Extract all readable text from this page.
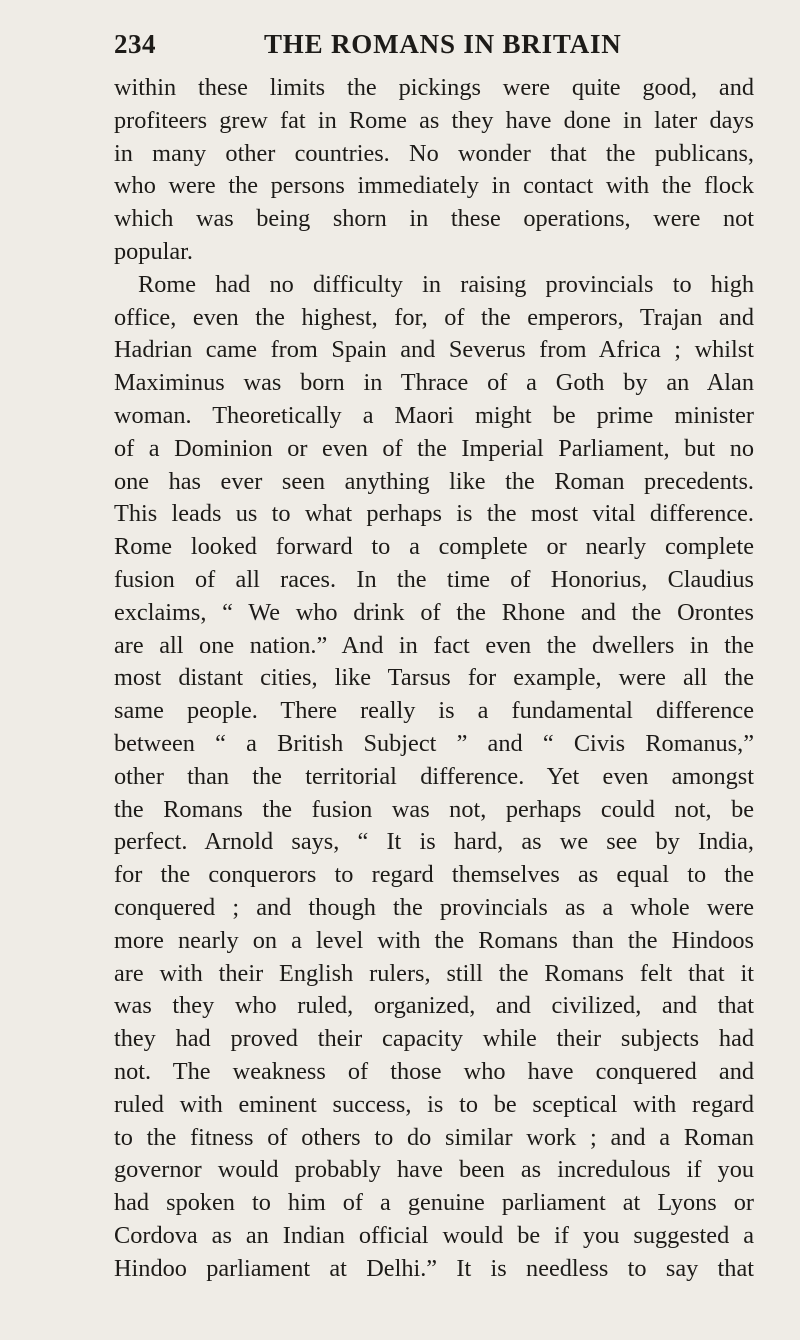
234	THE ROMANS IN BRITAIN
within these limits the pickings were quite good, and
profiteers grew fat in Rome as they have done in later days
in many other countries. No wonder that the publicans,
who were the persons immediately in contact with the flock
which was being shorn in these operations, were not
popular.
Rome had no difficulty in raising provincials to high
office, even the highest, for, of the emperors, Trajan and
Hadrian came from Spain and Severus from Africa ; whilst
Maximinus was born in Thrace of a Goth by an Alan
woman. Theoretically a Maori might be prime minister
of a Dominion or even of the Imperial Parliament, but no
one has ever seen anything like the Roman precedents.
This leads us to what perhaps is the most vital difference.
Rome looked forward to a complete or nearly complete
fusion of all races. In the time of Honorius, Claudius
exclaims, “ We who drink of the Rhone and the Orontes
are all one nation.” And in fact even the dwellers in the
most distant cities, like Tarsus for example, were all the
same people. There really is a fundamental difference
between “ a British Subject ” and “ Civis Romanus,”
other than the territorial difference. Yet even amongst
the Romans the fusion was not, perhaps could not, be
perfect. Arnold says, “ It is hard, as we see by India,
for the conquerors to regard themselves as equal to the
conquered ; and though the provincials as a whole were
more nearly on a level with the Romans than the Hindoos
are with their English rulers, still the Romans felt that it
was they who ruled, organized, and civilized, and that
they had proved their capacity while their subjects had
not. The weakness of those who have conquered and
ruled with eminent success, is to be sceptical with regard
to the fitness of others to do similar work ; and a Roman
governor would probably have been as incredulous if you
had spoken to him of a genuine parliament at Lyons or
Cordova as an Indian official would be if you suggested a
Hindoo parliament at Delhi.” It is needless to say that
